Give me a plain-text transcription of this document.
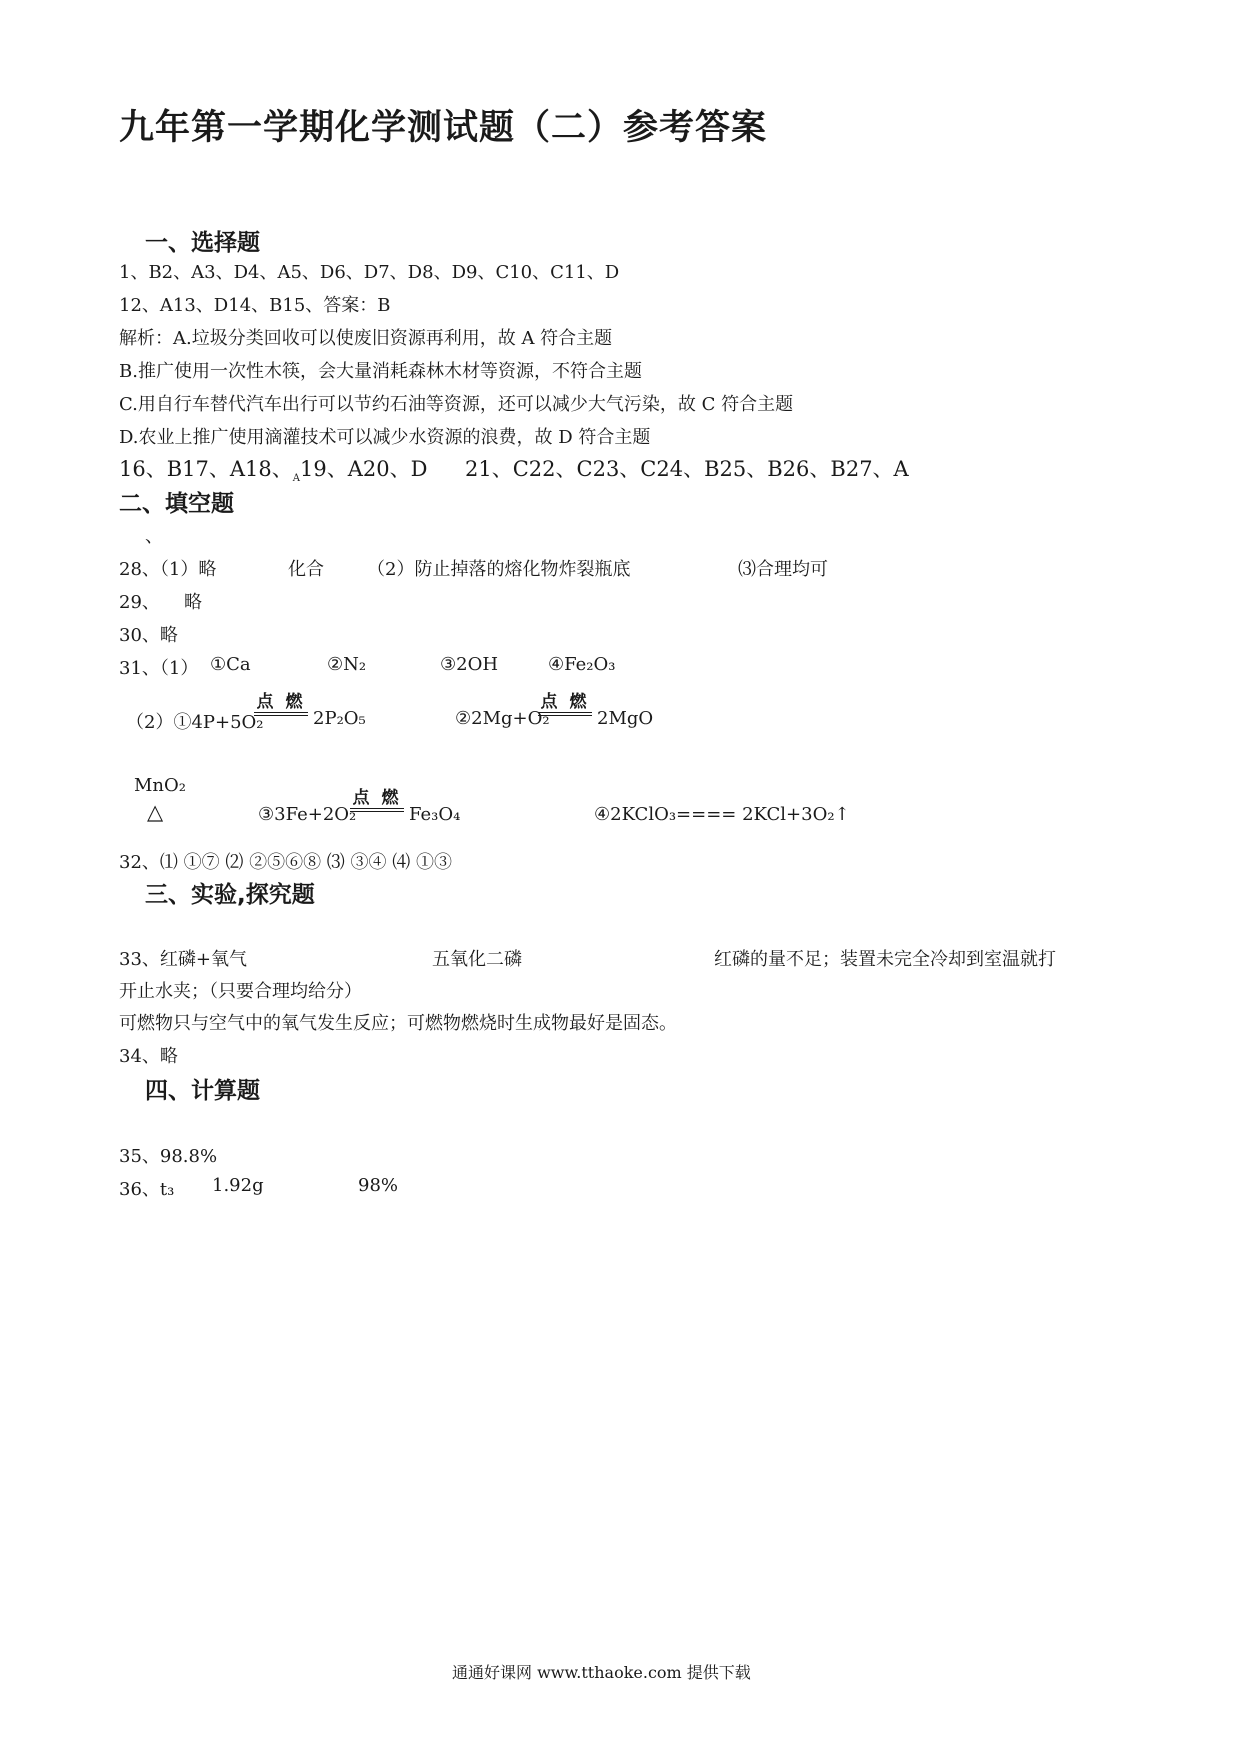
九年第一学期化学测试题（二）参考答案
一、选择题
1、B2、A3、D4、A5、D6、D7、D8、D9、C10、C11、D
12、A13、D14、B15、答案：B
解析：A.垃圾分类回收可以使废旧资源再利用，故 A 符合主题
B.推广使用一次性木筷，会大量消耗森林木材等资源，不符合主题
C.用自行车替代汽车出行可以节约石油等资源，还可以减少大气污染，故 C 符合主题
D.农业上推广使用滴灌技术可以减少水资源的浪费，故 D 符合主题
16、B17、A18、$_A$19、A20、D 21、C22、C23、C24、B25、B26、B27、A
二、填空题
、
28、（1）略	化合 （2）防止掉落的熔化物炸裂瓶底	⑶合理均可
29、 略
30、略
31、（1） ①Ca	②N₂	③2OH	④Fe₂O₃
（2）①4P+5O₂
点 燃
2P₂O₅	②2Mg+O₂
点 燃
2MgO
MnO₂
△	③3Fe+2O₂
点 燃
Fe₃O₄	④2KClO₃==== 2KCl+3O₂↑
32、⑴ ①⑦ ⑵ ②⑤⑥⑧ ⑶ ③④ ⑷ ①③
三、实验,探究题
33、红磷+氧气	五氧化二磷	红磷的量不足；装置未完全冷却到室温就打
开止水夹；（只要合理均给分）
可燃物只与空气中的氧气发生反应；可燃物燃烧时生成物最好是固态。
34、略
四、计算题
35、98.8%
36、t₃ 1.92g	98%
通通好课网 www.tthaoke.com 提供下载
